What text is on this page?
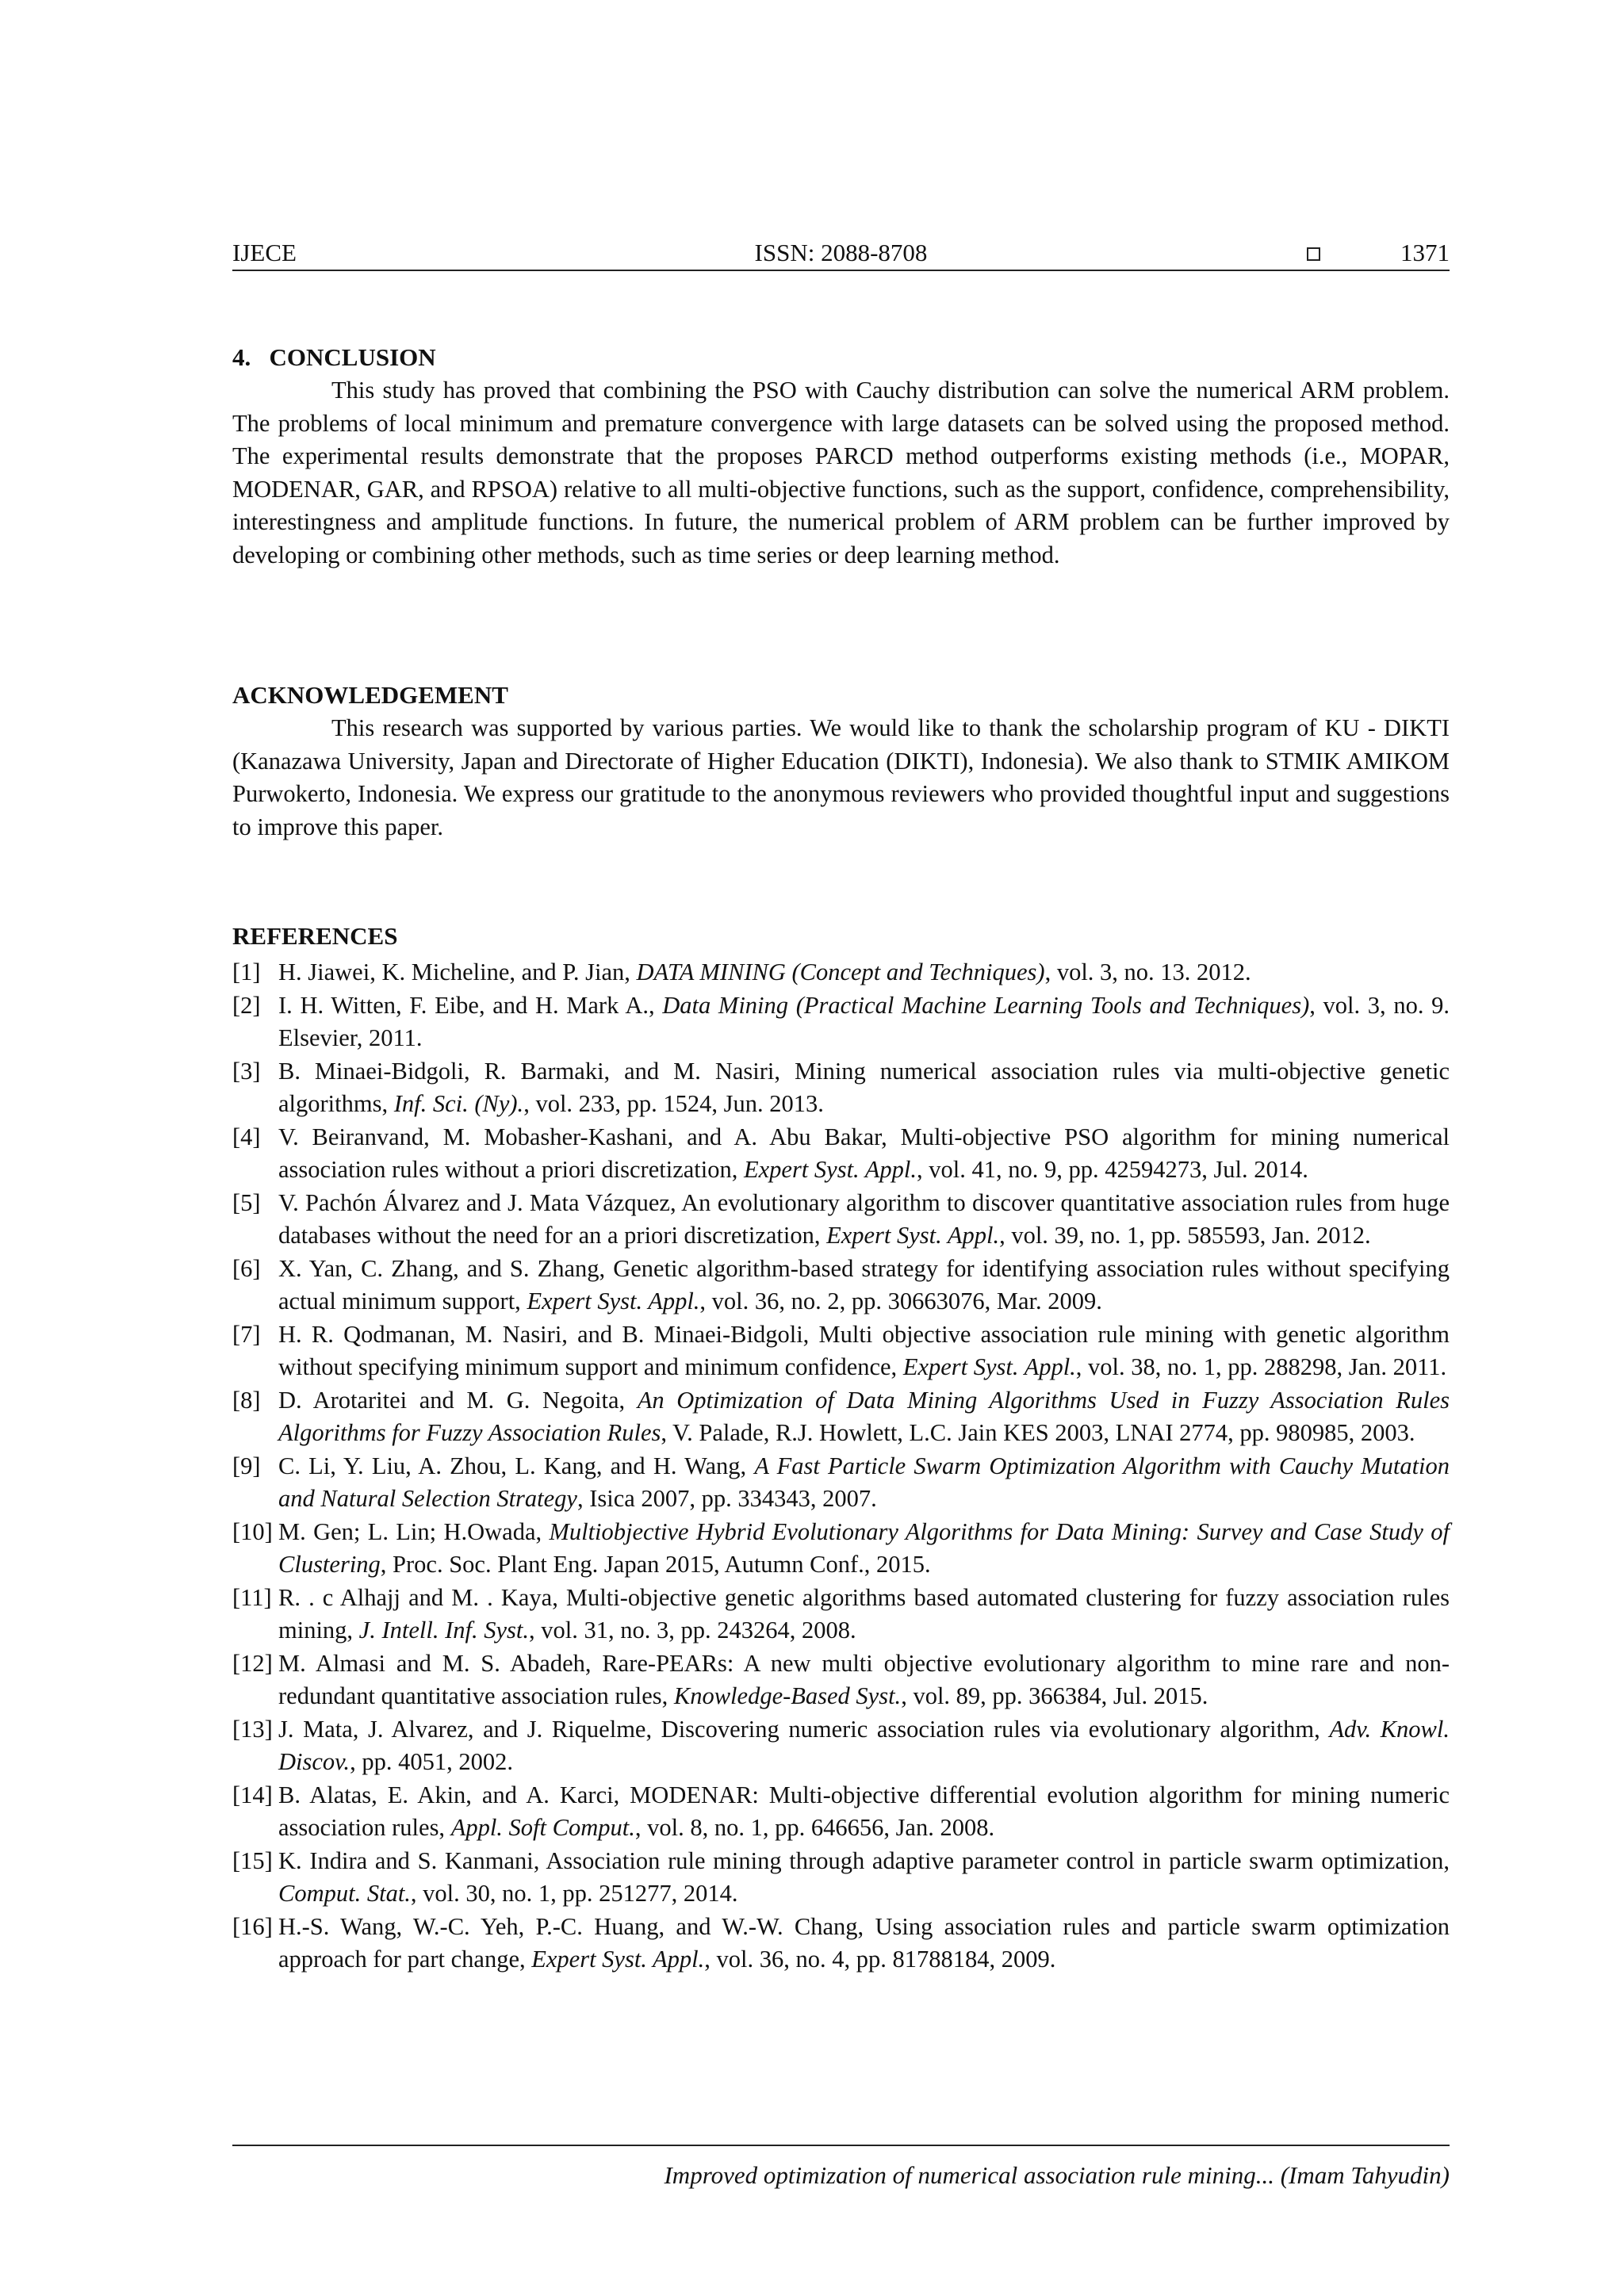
IJECE	ISSN: 2088-8708	1371
4.   CONCLUSION

This study has proved that combining the PSO with Cauchy distribution can solve the numerical ARM problem. The problems of local minimum and premature convergence with large datasets can be solved using the proposed method. The experimental results demonstrate that the proposes PARCD method outperforms existing methods (i.e., MOPAR, MODENAR, GAR, and RPSOA) relative to all multi-objective functions, such as the support, confidence, comprehensibility, interestingness and amplitude functions. In future, the numerical problem of ARM problem can be further improved by developing or combining other methods, such as time series or deep learning method.

ACKNOWLEDGEMENT

This research was supported by various parties. We would like to thank the scholarship program of KU - DIKTI (Kanazawa University, Japan and Directorate of Higher Education (DIKTI), Indonesia). We also thank to STMIK AMIKOM Purwokerto, Indonesia. We express our gratitude to the anonymous reviewers who provided thoughtful input and suggestions to improve this paper.

REFERENCES
[1] H. Jiawei, K. Micheline, and P. Jian, DATA MINING (Concept and Techniques), vol. 3, no. 13. 2012.
[2] I. H. Witten, F. Eibe, and H. Mark A., Data Mining (Practical Machine Learning Tools and Techniques), vol. 3, no. 9. Elsevier, 2011.
[3] B. Minaei-Bidgoli, R. Barmaki, and M. Nasiri, Mining numerical association rules via multi-objective genetic algorithms, Inf. Sci. (Ny)., vol. 233, pp. 1524, Jun. 2013.
[4] V. Beiranvand, M. Mobasher-Kashani, and A. Abu Bakar, Multi-objective PSO algorithm for mining numerical association rules without a priori discretization, Expert Syst. Appl., vol. 41, no. 9, pp. 42594273, Jul. 2014.
[5] V. Pachón Álvarez and J. Mata Vázquez, An evolutionary algorithm to discover quantitative association rules from huge databases without the need for an a priori discretization, Expert Syst. Appl., vol. 39, no. 1, pp. 585593, Jan. 2012.
[6] X. Yan, C. Zhang, and S. Zhang, Genetic algorithm-based strategy for identifying association rules without specifying actual minimum support, Expert Syst. Appl., vol. 36, no. 2, pp. 30663076, Mar. 2009.
[7] H. R. Qodmanan, M. Nasiri, and B. Minaei-Bidgoli, Multi objective association rule mining with genetic algorithm without specifying minimum support and minimum confidence, Expert Syst. Appl., vol. 38, no. 1, pp. 288298, Jan. 2011.
[8] D. Arotaritei and M. G. Negoita, An Optimization of Data Mining Algorithms Used in Fuzzy Association Rules Algorithms for Fuzzy Association Rules, V. Palade, R.J. Howlett, L.C. Jain KES 2003, LNAI 2774, pp. 980985, 2003.
[9] C. Li, Y. Liu, A. Zhou, L. Kang, and H. Wang, A Fast Particle Swarm Optimization Algorithm with Cauchy Mutation and Natural Selection Strategy, Isica 2007, pp. 334343, 2007.
[10] M. Gen; L. Lin; H.Owada, Multiobjective Hybrid Evolutionary Algorithms for Data Mining: Survey and Case Study of Clustering, Proc. Soc. Plant Eng. Japan 2015, Autumn Conf., 2015.
[11] R. . c Alhajj and M. . Kaya, Multi-objective genetic algorithms based automated clustering for fuzzy association rules mining, J. Intell. Inf. Syst., vol. 31, no. 3, pp. 243264, 2008.
[12] M. Almasi and M. S. Abadeh, Rare-PEARs: A new multi objective evolutionary algorithm to mine rare and non-redundant quantitative association rules, Knowledge-Based Syst., vol. 89, pp. 366384, Jul. 2015.
[13] J. Mata, J. Alvarez, and J. Riquelme, Discovering numeric association rules via evolutionary algorithm, Adv. Knowl. Discov., pp. 4051, 2002.
[14] B. Alatas, E. Akin, and A. Karci, MODENAR: Multi-objective differential evolution algorithm for mining numeric association rules, Appl. Soft Comput., vol. 8, no. 1, pp. 646656, Jan. 2008.
[15] K. Indira and S. Kanmani, Association rule mining through adaptive parameter control in particle swarm optimization, Comput. Stat., vol. 30, no. 1, pp. 251277, 2014.
[16] H.-S. Wang, W.-C. Yeh, P.-C. Huang, and W.-W. Chang, Using association rules and particle swarm optimization approach for part change, Expert Syst. Appl., vol. 36, no. 4, pp. 81788184, 2009.
Improved optimization of numerical association rule mining... (Imam Tahyudin)
